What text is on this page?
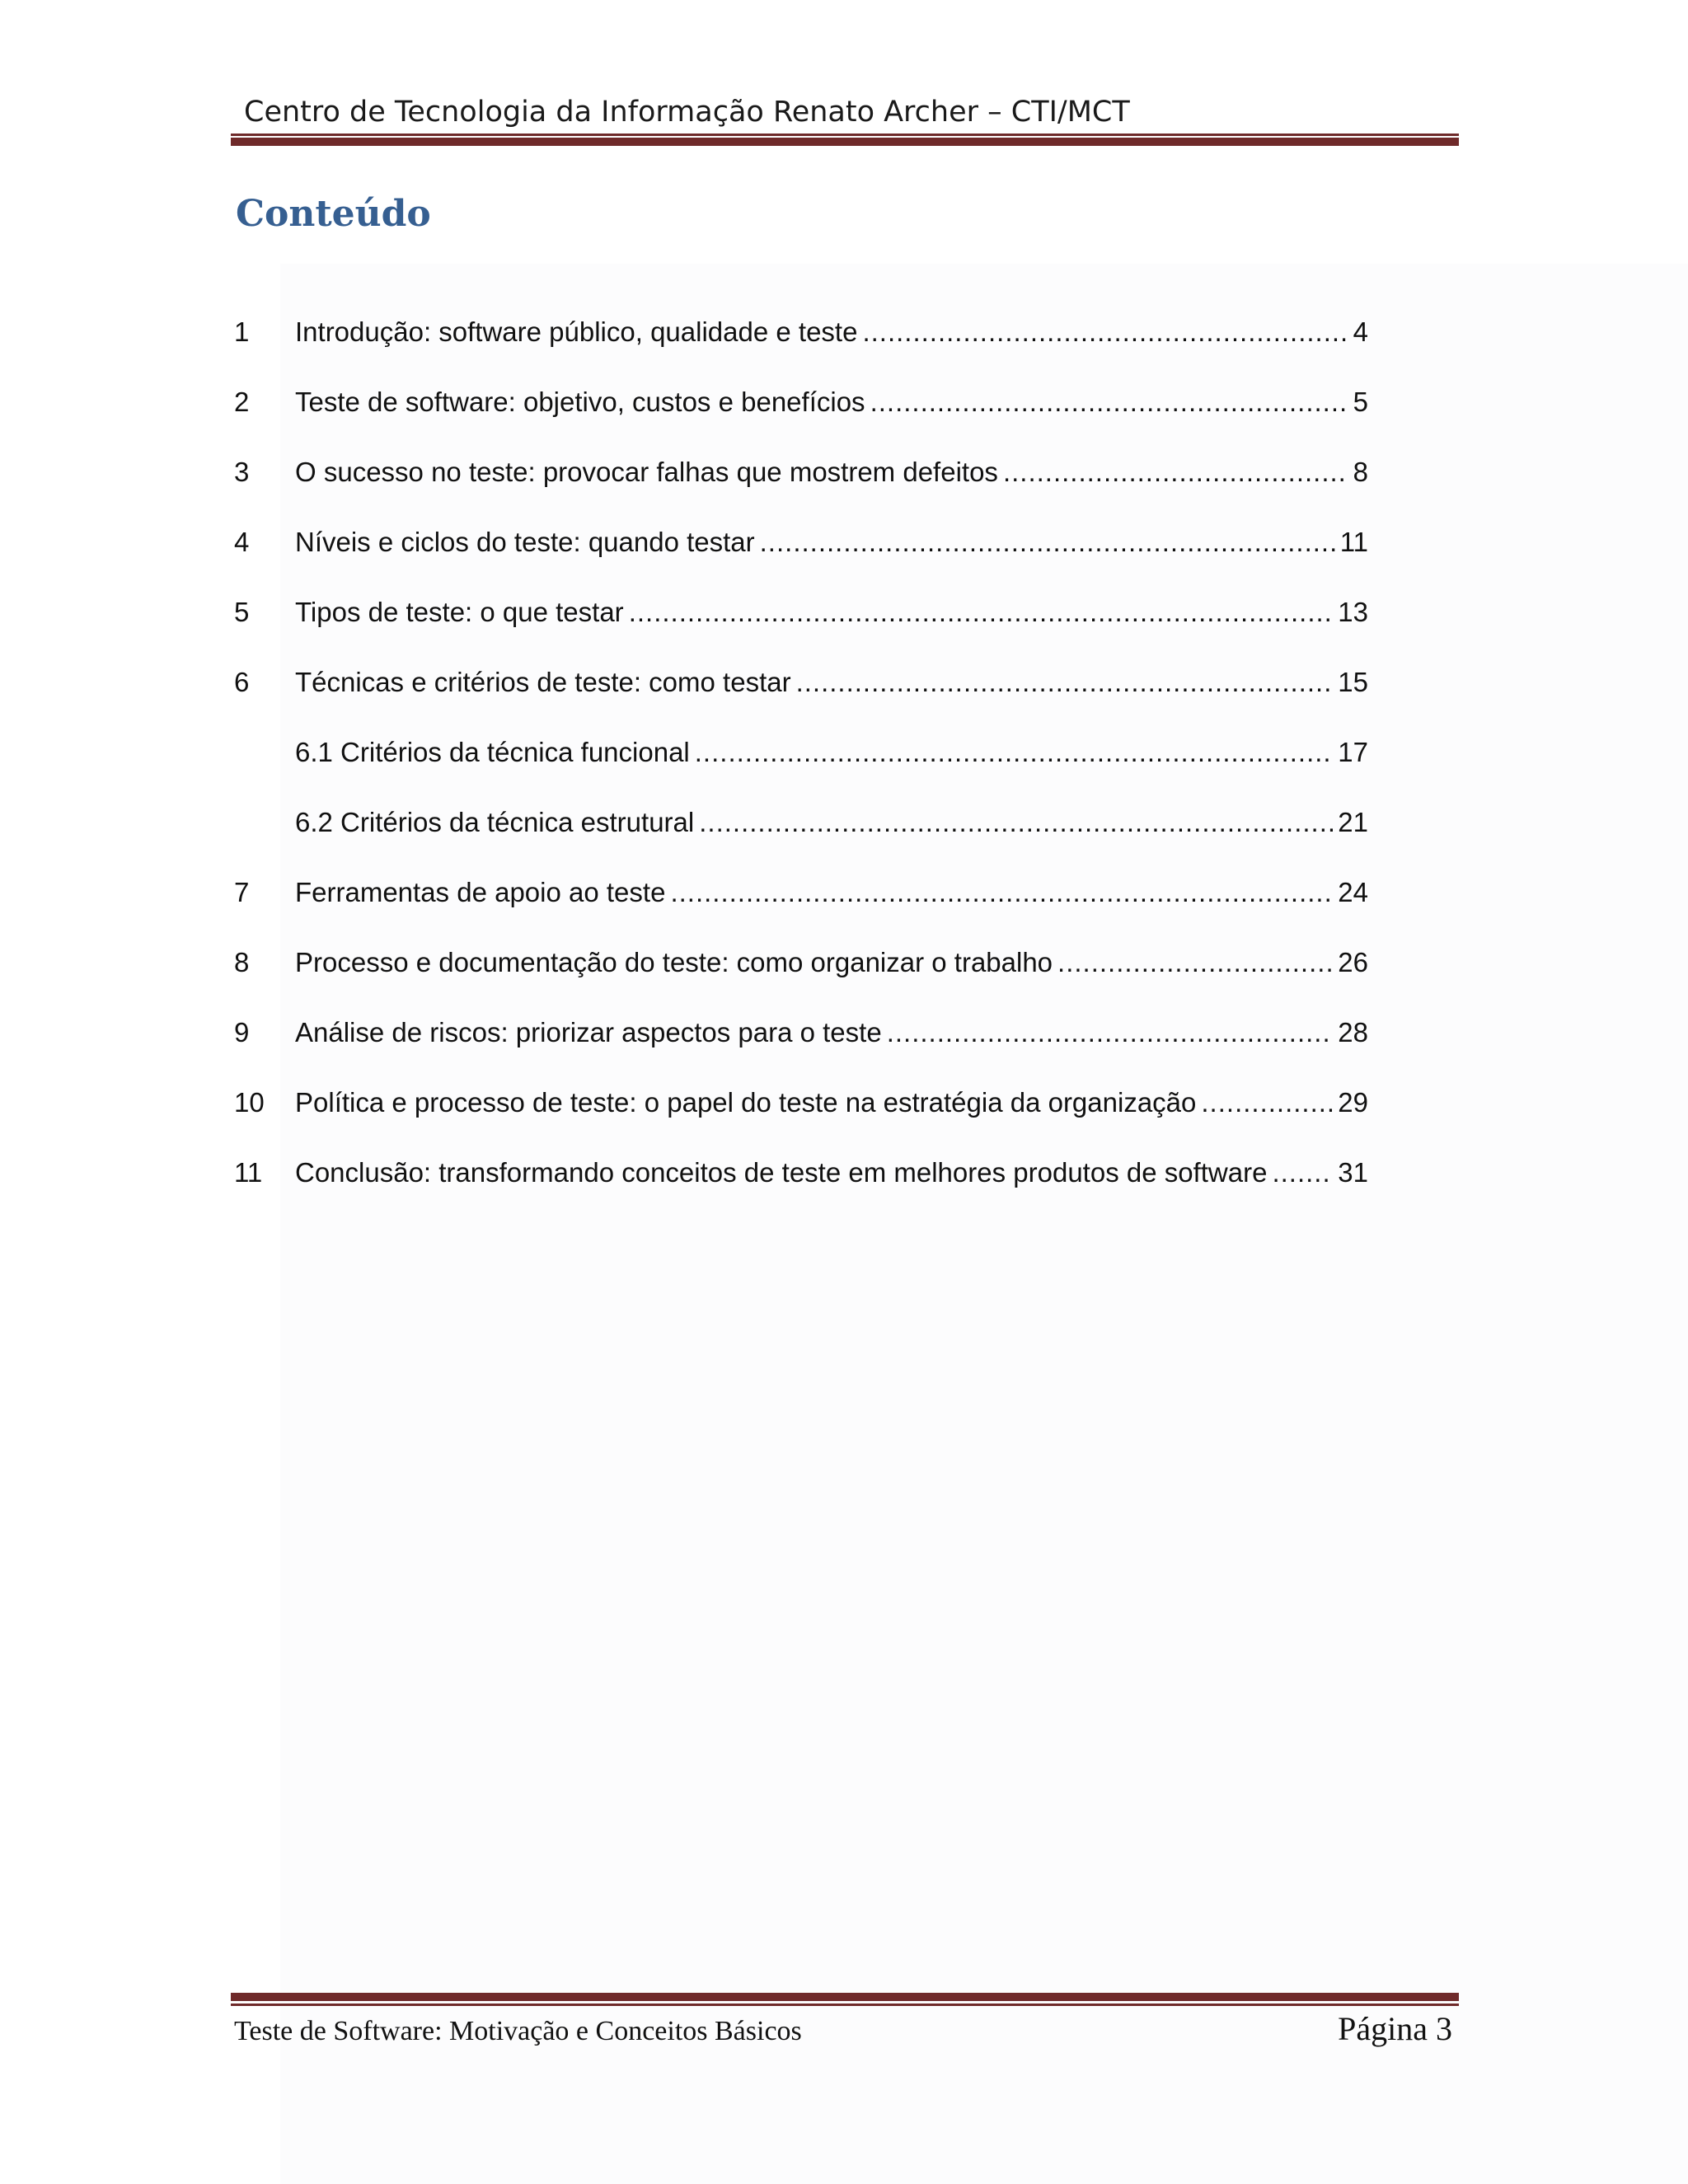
Centro de Tecnologia da Informação Renato Archer – CTI/MCT
Conteúdo
1	Introdução: software público, qualidade e teste .....	4
2	Teste de software: objetivo, custos e benefícios .....	5
3	O sucesso no teste: provocar falhas que mostrem defeitos .....	8
4	Níveis e ciclos do teste: quando testar .....	11
5	Tipos de teste: o que testar .....	13
6	Técnicas e critérios de teste: como testar .....	15
6.1 Critérios da técnica funcional .....	17
6.2 Critérios da técnica estrutural .....	21
7	Ferramentas de apoio ao teste .....	24
8	Processo e documentação do teste: como organizar o trabalho .....	26
9	Análise de riscos: priorizar aspectos para o teste .....	28
10	Política e processo de teste: o papel do teste na estratégia da organização .....	29
11	Conclusão: transformando conceitos de teste em melhores produtos de software .....	31
Teste de Software: Motivação e Conceitos Básicos	Página 3
